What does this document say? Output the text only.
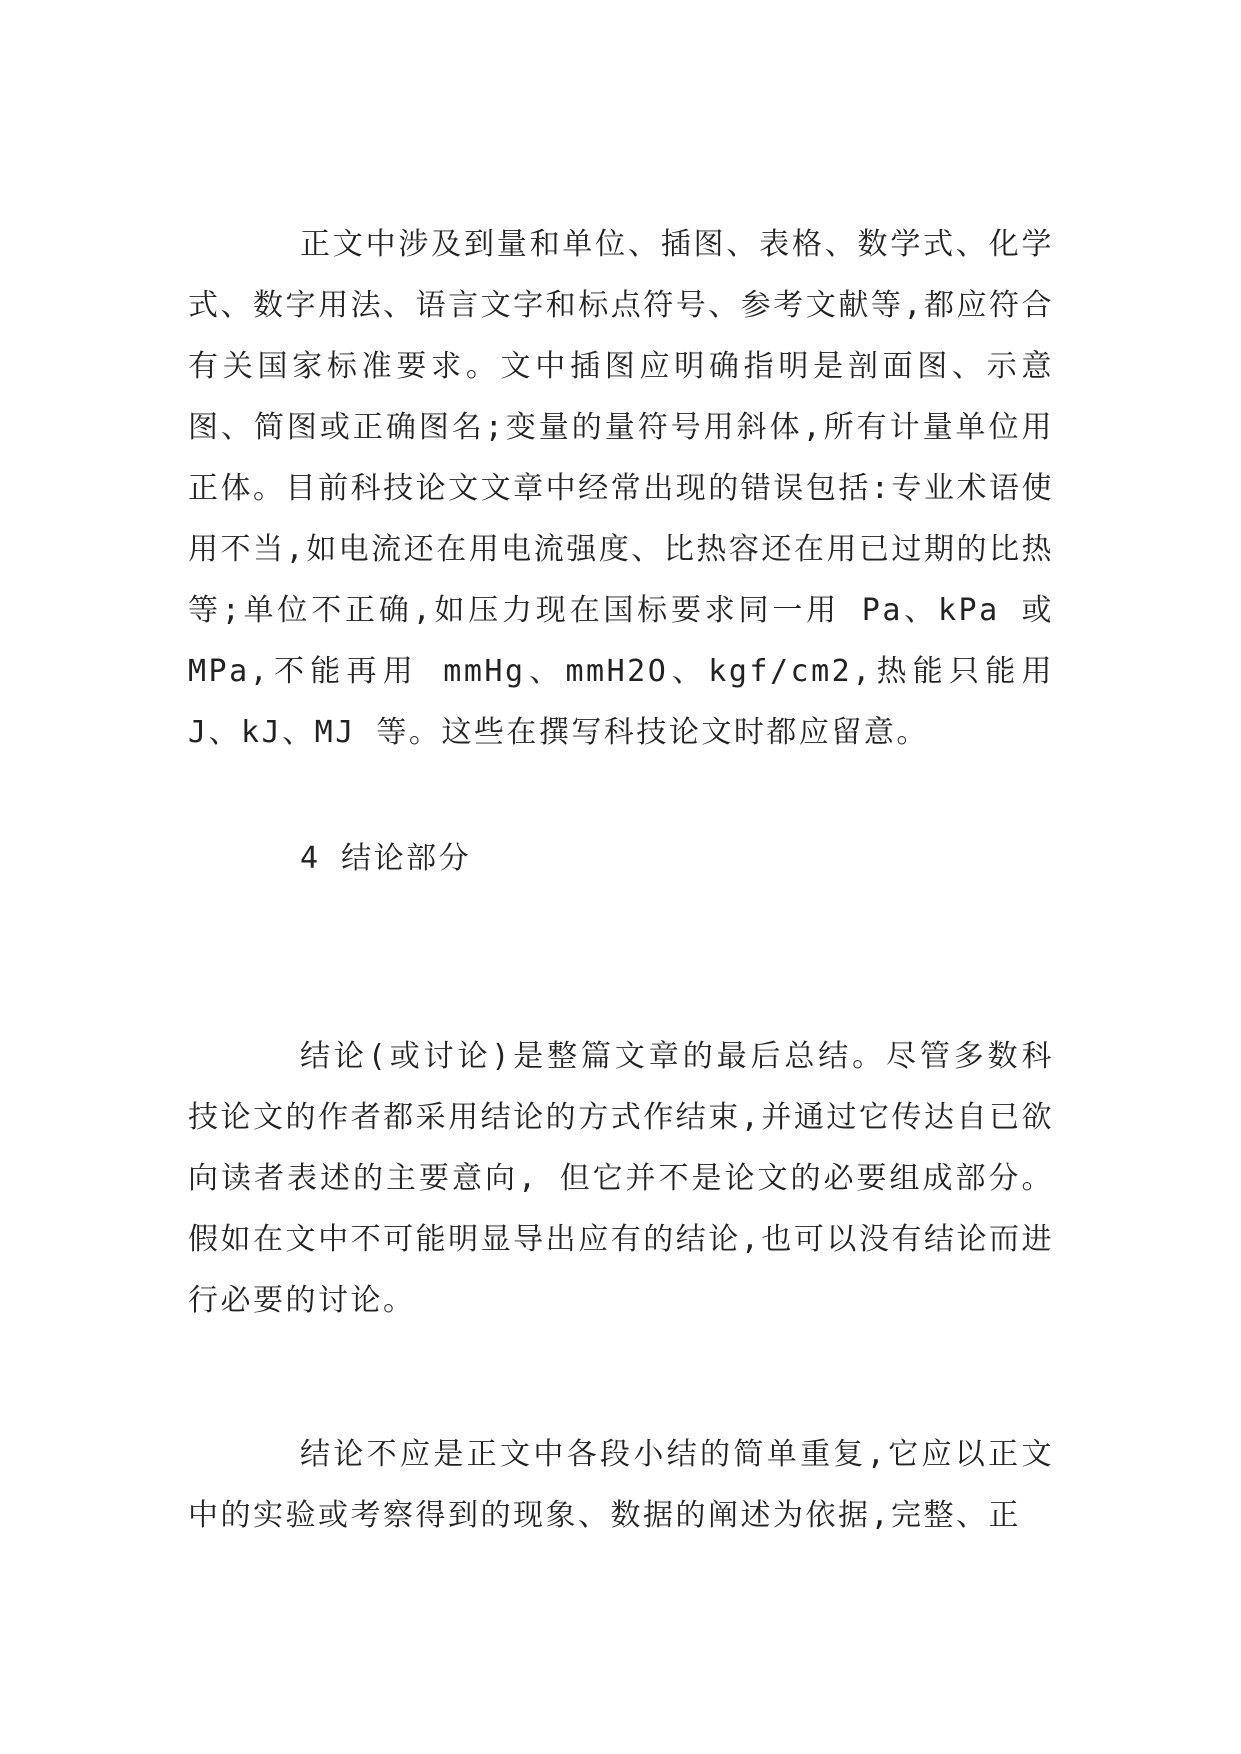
正文中涉及到量和单位、插图、表格、数学式、化学式、数字用法、语言文字和标点符号、参考文献等,都应符合有关国家标准要求。文中插图应明确指明是剖面图、示意图、简图或正确图名;变量的量符号用斜体,所有计量单位用正体。目前科技论文文章中经常出现的错误包括:专业术语使用不当,如电流还在用电流强度、比热容还在用已过期的比热等;单位不正确,如压力现在国标要求同一用 Pa、kPa 或 MPa,不能再用 mmHg、mmH2O、kgf/cm2,热能只能用 J、kJ、MJ 等。这些在撰写科技论文时都应留意。

4 结论部分

结论(或讨论)是整篇文章的最后总结。尽管多数科技论文的作者都采用结论的方式作结束,并通过它传达自已欲向读者表述的主要意向, 但它并不是论文的必要组成部分。假如在文中不可能明显导出应有的结论,也可以没有结论而进行必要的讨论。

结论不应是正文中各段小结的简单重复,它应以正文中的实验或考察得到的现象、数据的阐述为依据,完整、正
